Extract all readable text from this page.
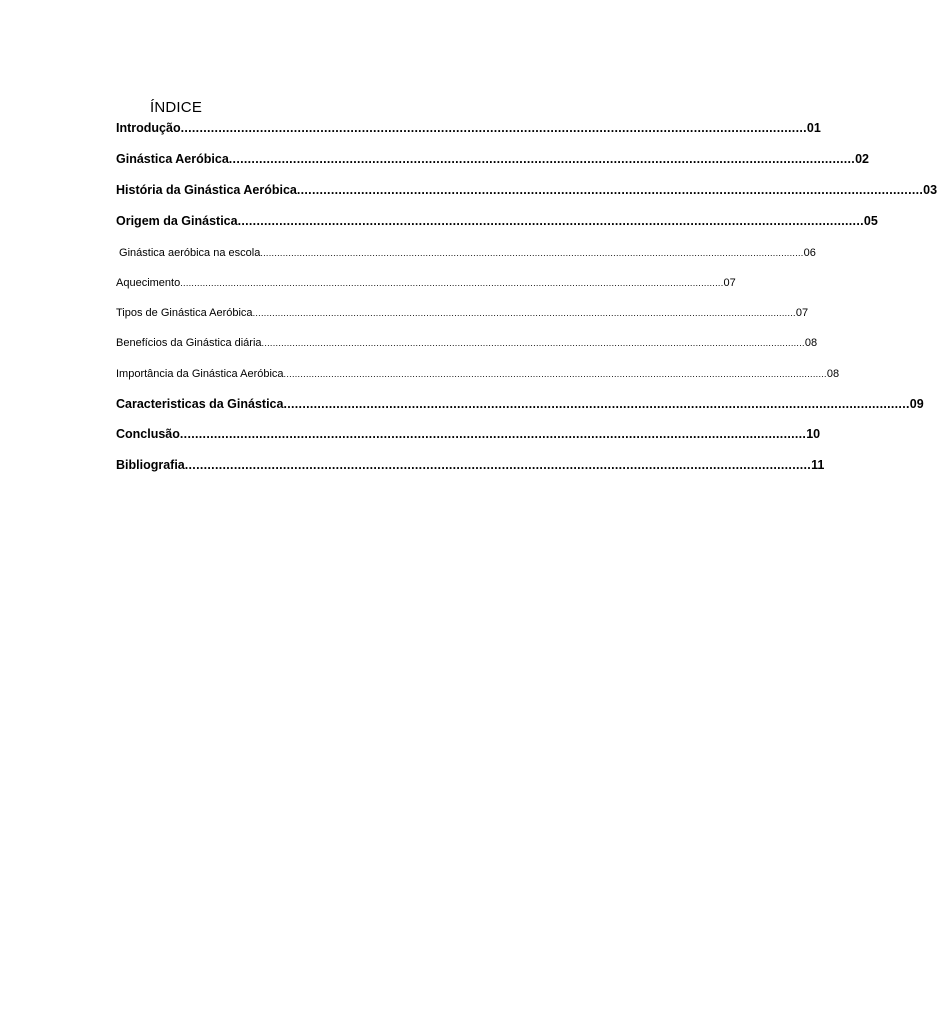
ÍNDICE
Introdução ...................................................................................................................................................................... 01
Ginástica Aeróbica ...................................................................................................................................................................... 02
História da Ginástica Aeróbica ...................................................................................................................................................................... 03
Origem da Ginástica ...................................................................................................................................................................... 05
Ginástica aeróbica na escola .................................................................................................................................................................................................. 06
Aquecimento .................................................................................................................................................................................................. 07
Tipos de Ginástica Aeróbica .................................................................................................................................................................................................. 07
Benefícios da Ginástica diária .................................................................................................................................................................................................. 08
Importância da Ginástica Aeróbica .................................................................................................................................................................................................. 08
Caracteristicas da Ginástica ...................................................................................................................................................................... 09
Conclusão ...................................................................................................................................................................... 10
Bibliografia ...................................................................................................................................................................... 11
